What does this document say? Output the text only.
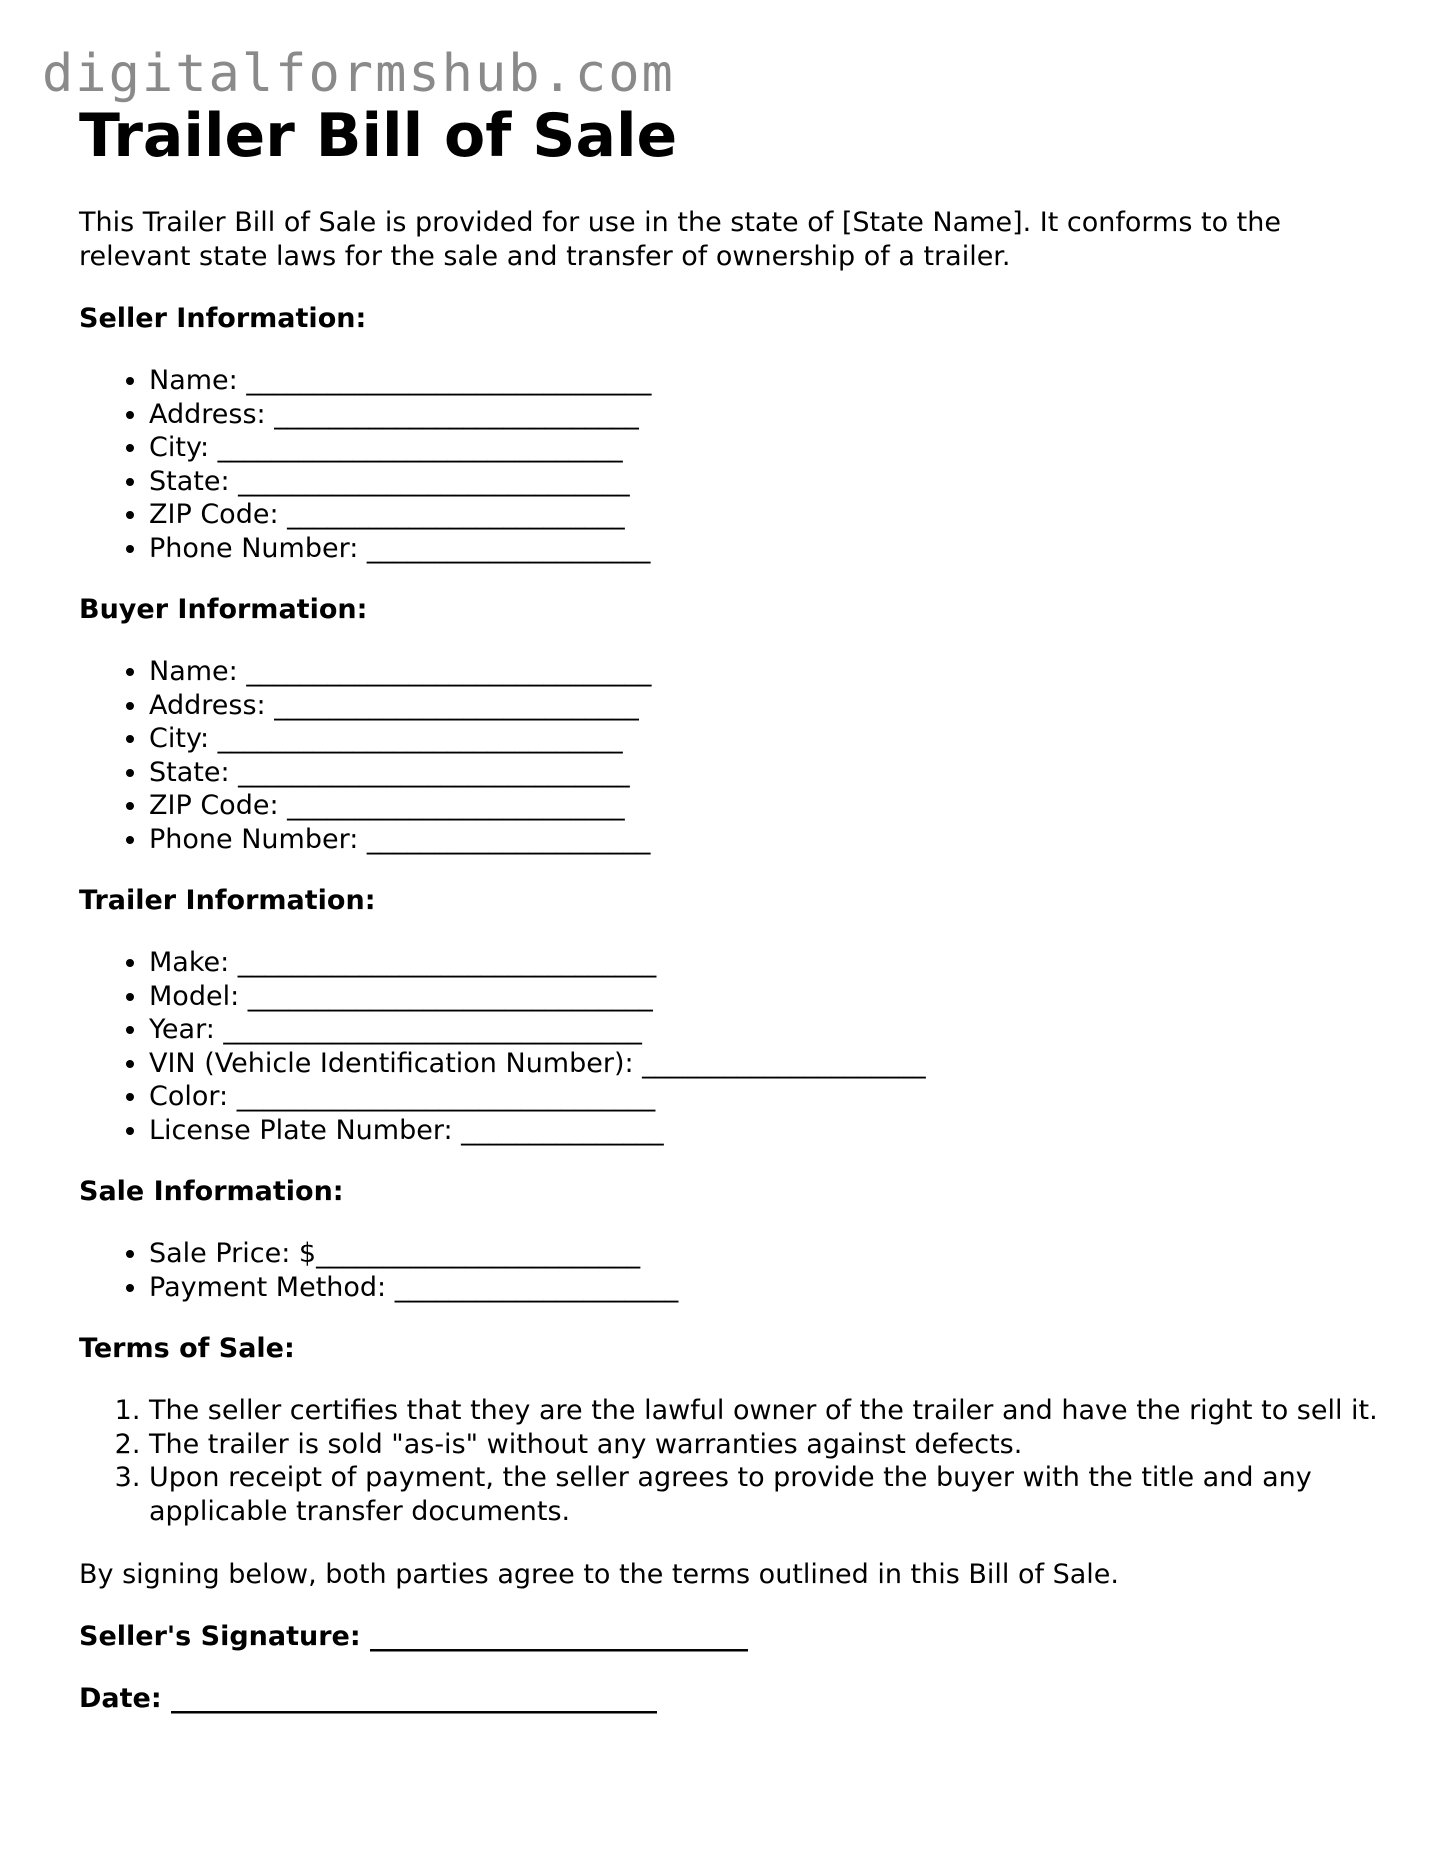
digitalformshub.com
Trailer Bill of Sale

This Trailer Bill of Sale is provided for use in the state of [State Name]. It conforms to the relevant state laws for the sale and transfer of ownership of a trailer.

Seller Information:

• Name: ______________________________
• Address: ___________________________
• City: ______________________________
• State: _____________________________
• ZIP Code: _________________________
• Phone Number: _____________________

Buyer Information:

• Name: ______________________________
• Address: ___________________________
• City: ______________________________
• State: _____________________________
• ZIP Code: _________________________
• Phone Number: _____________________

Trailer Information:

• Make: _______________________________
• Model: ______________________________
• Year: _______________________________
• VIN (Vehicle Identification Number): _____________________
• Color: _______________________________
• License Plate Number: _______________

Sale Information:

• Sale Price: $________________________
• Payment Method: _____________________

Terms of Sale:

1. The seller certifies that they are the lawful owner of the trailer and have the right to sell it.
2. The trailer is sold "as-is" without any warranties against defects.
3. Upon receipt of payment, the seller agrees to provide the buyer with the title and any applicable transfer documents.

By signing below, both parties agree to the terms outlined in this Bill of Sale.

Seller's Signature: ____________________________

Date: ____________________________________
